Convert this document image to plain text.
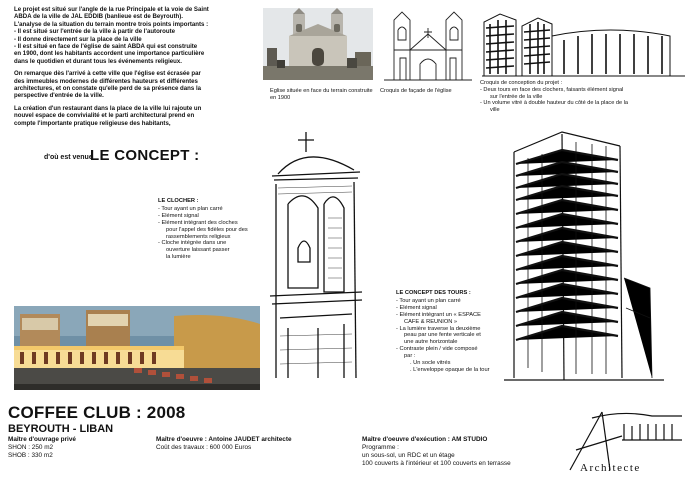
Le projet est situé sur l'angle de la rue Principale et la voie de Saint
ABDA de la ville de JAL EDDIB (banlieue est de Beyrouth).
L'analyse de la situation du terrain montre trois points importants :
- Il est situé sur l'entrée de la ville à partir de l'autoroute
- Il donne directement sur la place de la ville
- Il est situé en face de l'église de saint ABDA qui est construite
en 1900, dont les habitants accordent une importance particulière
dans le quotidien et durant tous les événements religieux.

On remarque dès l'arrivé à cette ville que l'église est écrasée par
des immeubles modernes de différentes hauteurs et différentes
architectures, et on constate qu'elle perd de sa présence dans la
perspective d'entrée de la ville.

La création d'un restaurant dans la place de la ville lui rajoute un
nouvel espace de convivialité et le parti architectural prend en
compte l'importante pratique religieuse des habitants,

d'où est venue
LE CONCEPT :
Eglise située en face du terrain construite en 1900
Croquis de façade de l'église
Croquis de conception du projet :
- Deux tours en face des clochers, faisants élément signal
sur l'entrée de la ville
- Un volume vitré à double hauteur du côté de la place de la
ville
LE CLOCHER :
- Tour ayant un plan carré
- Elément signal
- Elément intégrant des cloches
pour l'appel des fidèles pour des
rassemblements religieux
- Cloche intégrée dans une
ouverture laissant passer
la lumière
LE CONCEPT DES TOURS :
- Tour ayant un plan carré
- Elément signal
- Elément intégrant un « ESPACE
CAFE & REUNION »
- La lumière traverse la deuxième
peau par une fente verticale et
une autre horizontale
- Contraste plein / vide composé
par :
. Un socle vitrés
. L'enveloppe opaque de la tour
COFFEE CLUB : 2008
BEYROUTH - LIBAN
Maître d'ouvrage privé
SHON : 250 m2
SHOB : 330 m2
Maître d'oeuvre : Antoine JAUDET architecte
Coût des travaux : 600 000 Euros
Maître d'oeuvre d'exécution : AM STUDIO
Programme :
un sous-sol, un RDC et un étage
100 couverts à l'intérieur et 100 couverts en terrasse	Architecte
